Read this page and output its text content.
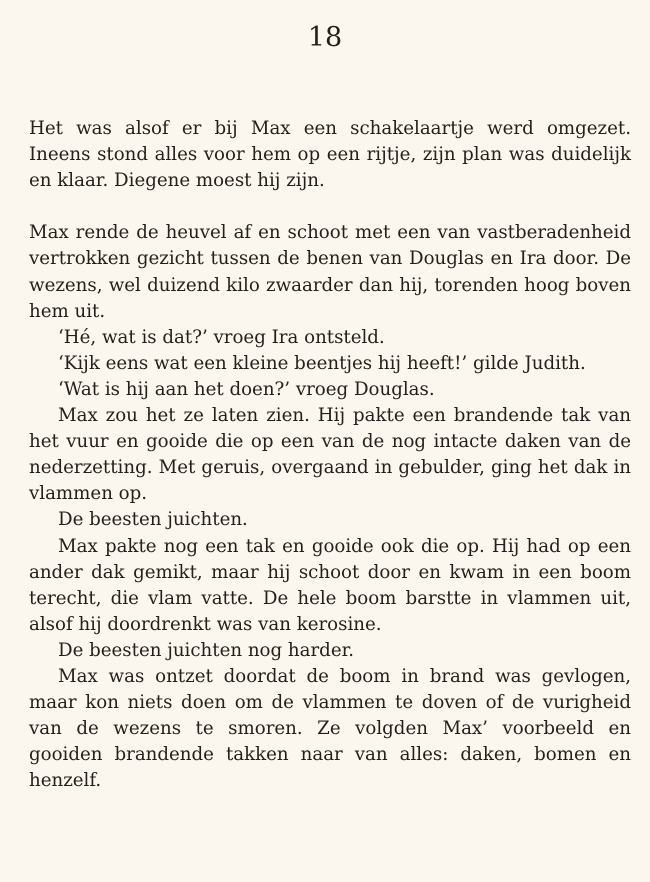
18

Het was alsof er bij Max een schakelaartje werd omgezet. Ineens stond alles voor hem op een rijtje, zijn plan was duidelijk en klaar. Diegene moest hij zijn.

Max rende de heuvel af en schoot met een van vastberadenheid vertrokken gezicht tussen de benen van Douglas en Ira door. De wezens, wel duizend kilo zwaarder dan hij, torenden hoog boven hem uit.

‘Hé, wat is dat?’ vroeg Ira ontsteld.

‘Kijk eens wat een kleine beentjes hij heeft!’ gilde Judith.

‘Wat is hij aan het doen?’ vroeg Douglas.

Max zou het ze laten zien. Hij pakte een brandende tak van het vuur en gooide die op een van de nog intacte daken van de nederzetting. Met geruis, overgaand in gebulder, ging het dak in vlammen op.

De beesten juichten.

Max pakte nog een tak en gooide ook die op. Hij had op een ander dak gemikt, maar hij schoot door en kwam in een boom terecht, die vlam vatte. De hele boom barstte in vlammen uit, alsof hij doordrenkt was van kerosine.

De beesten juichten nog harder.

Max was ontzet doordat de boom in brand was gevlogen, maar kon niets doen om de vlammen te doven of de vurigheid van de wezens te smoren. Ze volgden Max’ voorbeeld en gooiden brandende takken naar van alles: daken, bomen en henzelf.
